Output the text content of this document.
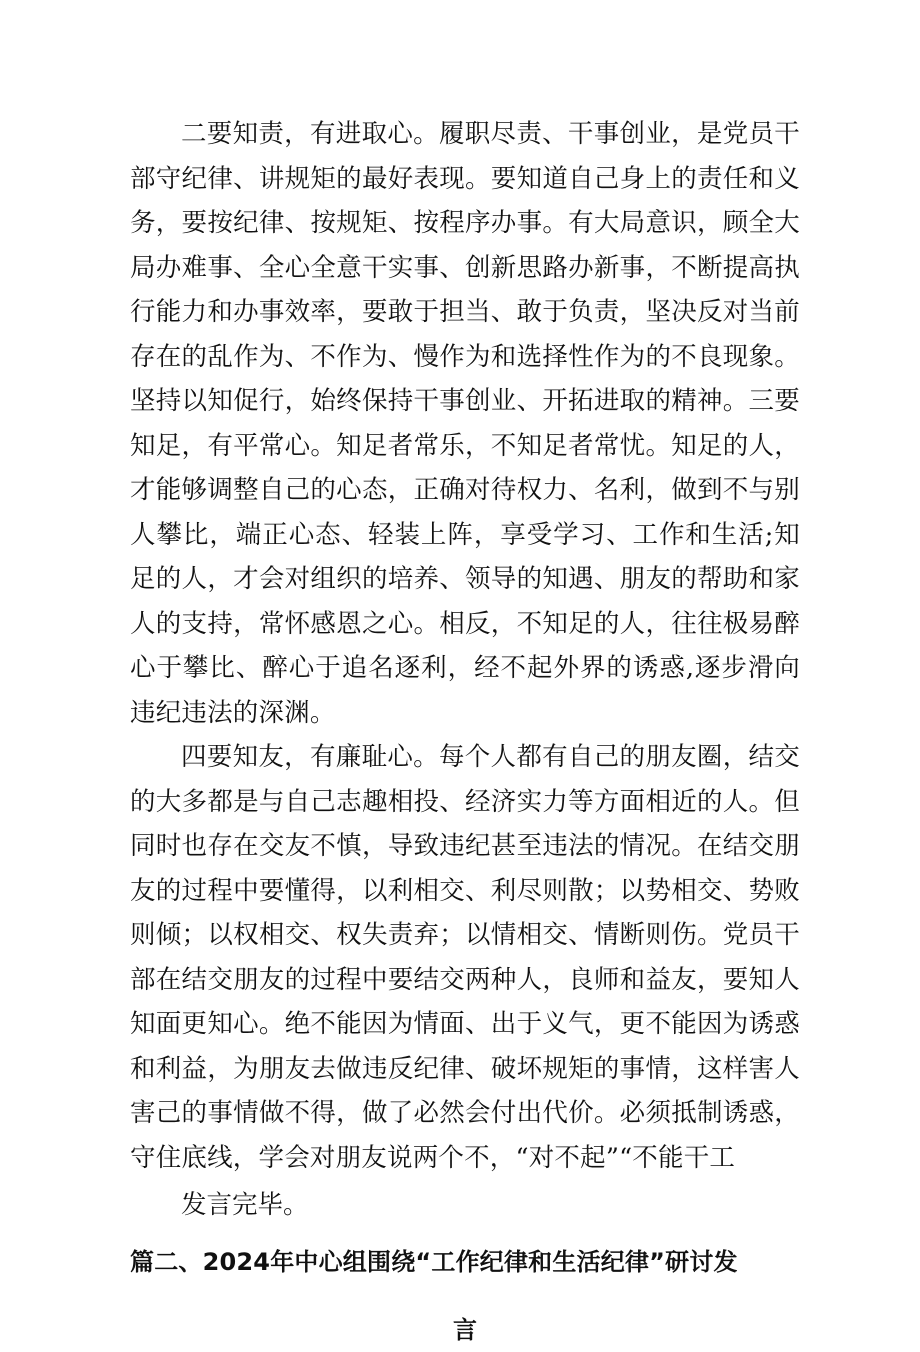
二要知责，有进取心。履职尽责、干事创业，是党员干部守纪律、讲规矩的最好表现。要知道自己身上的责任和义务，要按纪律、按规矩、按程序办事。有大局意识，顾全大局办难事、全心全意干实事、创新思路办新事，不断提高执行能力和办事效率，要敢于担当、敢于负责，坚决反对当前存在的乱作为、不作为、慢作为和选择性作为的不良现象。坚持以知促行，始终保持干事创业、开拓进取的精神。三要知足，有平常心。知足者常乐，不知足者常忧。知足的人，才能够调整自己的心态，正确对待权力、名利，做到不与别人攀比，端正心态、轻装上阵，享受学习、工作和生活;知足的人，才会对组织的培养、领导的知遇、朋友的帮助和家人的支持，常怀感恩之心。相反，不知足的人，往往极易醉心于攀比、醉心于追名逐利，经不起外界的诱惑,逐步滑向违纪违法的深渊。

四要知友，有廉耻心。每个人都有自己的朋友圈，结交的大多都是与自己志趣相投、经济实力等方面相近的人。但同时也存在交友不慎，导致违纪甚至违法的情况。在结交朋友的过程中要懂得，以利相交、利尽则散；以势相交、势败则倾；以权相交、权失责弃；以情相交、情断则伤。党员干部在结交朋友的过程中要结交两种人，良师和益友，要知人知面更知心。绝不能因为情面、出于义气，更不能因为诱惑和利益，为朋友去做违反纪律、破坏规矩的事情，这样害人害己的事情做不得，做了必然会付出代价。必须抵制诱惑，守住底线，学会对朋友说两个不，“对不起”“不能干工

发言完毕。

篇二、2024年中心组围绕“工作纪律和生活纪律”研讨发

言
